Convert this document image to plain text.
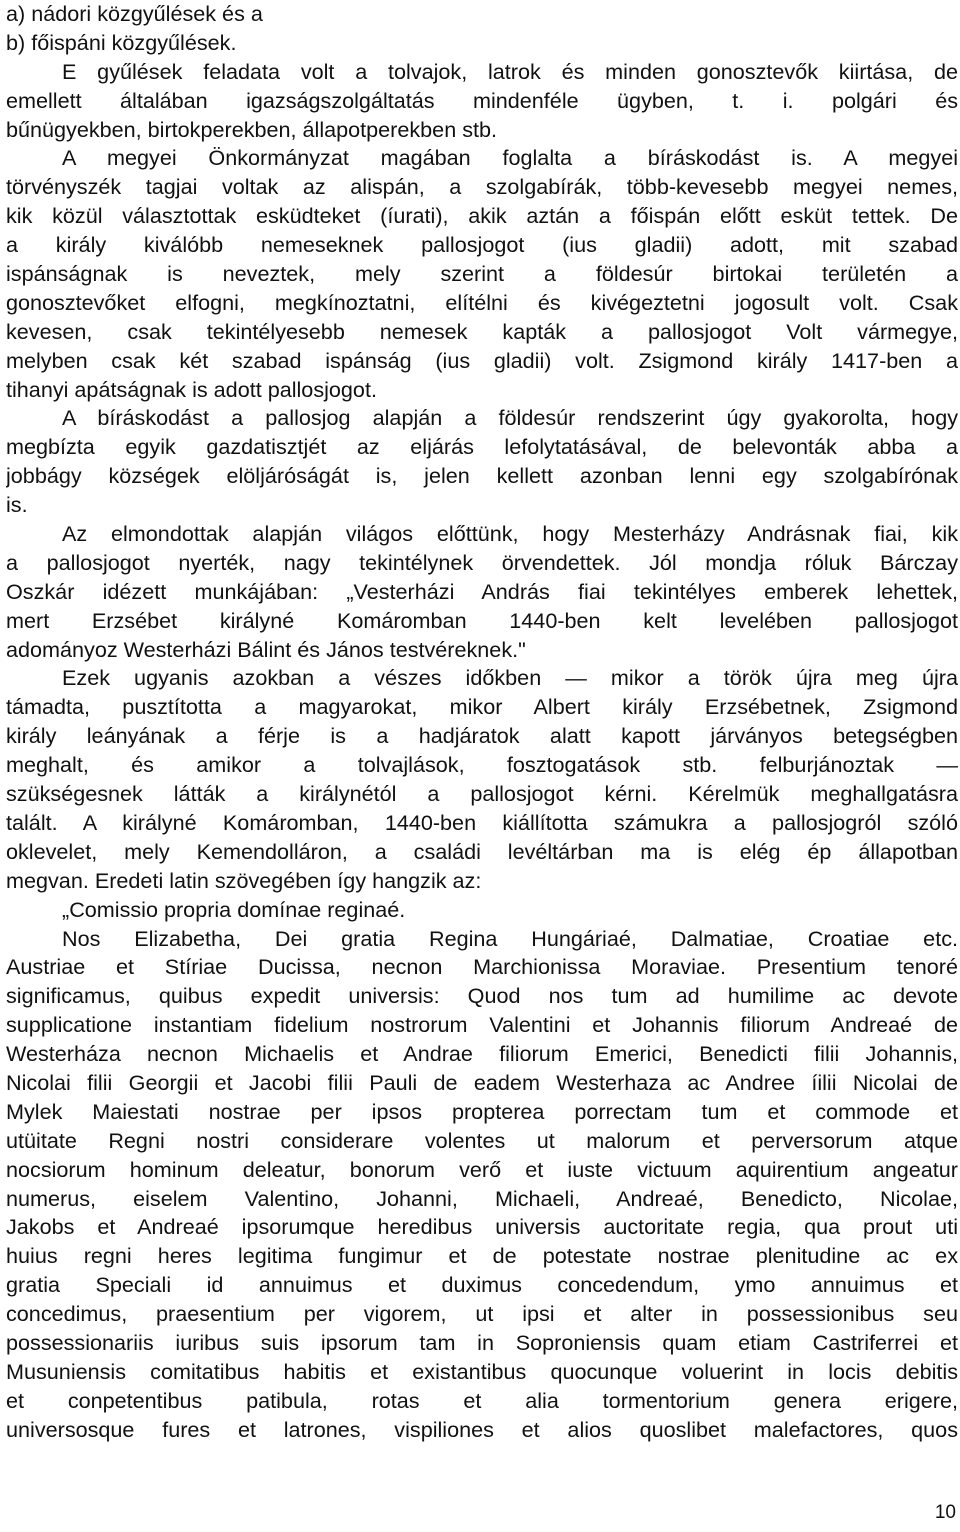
a) nádori közgyűlések és a
b) főispáni közgyűlések.
E gyűlések feladata volt a tolvajok, latrok és minden gonosztevők kiirtása, de
emellett általában igazságszolgáltatás mindenféle ügyben, t. i. polgári és
bűnügyekben, birtokperekben, állapotperekben stb.
A megyei Önkormányzat magában foglalta a bíráskodást is. A megyei
törvényszék tagjai voltak az alispán, a szolgabírák, több-kevesebb megyei nemes,
kik közül választottak esküdteket (íurati), akik aztán a főispán előtt esküt tettek. De
a király kiválóbb nemeseknek pallosjogot (ius gladii) adott, mit szabad
ispánságnak is neveztek, mely szerint a földesúr birtokai területén a
gonosztevőket elfogni, megkínoztatni, elítélni és kivégeztetni jogosult volt. Csak
kevesen, csak tekintélyesebb nemesek kapták a pallosjogot Volt vármegye,
melyben csak két szabad ispánság (ius gladii) volt. Zsigmond király 1417-ben a
tihanyi apátságnak is adott pallosjogot.
A bíráskodást a pallosjog alapján a földesúr rendszerint úgy gyakorolta, hogy
megbízta egyik gazdatisztjét az eljárás lefolytatásával, de belevonták abba a
jobbágy községek elöljáróságát is, jelen kellett azonban lenni egy szolgabírónak
is.
Az elmondottak alapján világos előttünk, hogy Mesterházy Andrásnak fiai, kik
a pallosjogot nyerték, nagy tekintélynek örvendettek. Jól mondja róluk Bárczay
Oszkár idézett munkájában: „Vesterházi András fiai tekintélyes emberek lehettek,
mert Erzsébet királyné Komáromban 1440-ben kelt levelében pallosjogot
adományoz Westerházi Bálint és János testvéreknek."
Ezek ugyanis azokban a vészes időkben — mikor a török újra meg újra
támadta, pusztította a magyarokat, mikor Albert király Erzsébetnek, Zsigmond
király leányának a férje is a hadjáratok alatt kapott járványos betegségben
meghalt, és amikor a tolvajlások, fosztogatások stb. felburjánoztak —
szükségesnek látták a királynétól a pallosjogot kérni. Kérelmük meghallgatásra
talált. A királyné Komáromban, 1440-ben kiállította számukra a pallosjogról szóló
oklevelet, mely Kemendolláron, a családi levéltárban ma is elég ép állapotban
megvan. Eredeti latin szövegében így hangzik az:
„Comissio propria domínae reginaé.
Nos Elizabetha, Dei gratia Regina Hungáriaé, Dalmatiae, Croatiae etc.
Austriae et Stíriae Ducissa, necnon Marchionissa Moraviae. Presentium tenoré
significamus, quibus expedit universis: Quod nos tum ad humilime ac devote
supplicatione instantiam fidelium nostrorum Valentini et Johannis filiorum Andreaé de
Westerháza necnon Michaelis et Andrae filiorum Emerici, Benedicti filii Johannis,
Nicolai filii Georgii et Jacobi filii Pauli de eadem Westerhaza ac Andree íilii Nicolai de
Mylek Maiestati nostrae per ipsos propterea porrectam tum et commode et
utüitate Regni nostri considerare volentes ut malorum et perversorum atque
nocsiorum hominum deleatur, bonorum verő et iuste victuum aquirentium angeatur
numerus, eiselem Valentino, Johanni, Michaeli, Andreaé, Benedicto, Nicolae,
Jakobs et Andreaé ipsorumque heredibus universis auctoritate regia, qua prout uti
huius regni heres legitima fungimur et de potestate nostrae plenitudine ac ex
gratia Speciali id annuimus et duximus concedendum, ymo annuimus et
concedimus, praesentium per vigorem, ut ipsi et alter in possessionibus seu
possessionariis iuribus suis ipsorum tam in Soproniensis quam etiam Castriferrei et
Musuniensis comitatibus habitis et existantibus quocunque voluerint in locis debitis
et conpetentibus patibula, rotas et alia tormentorium genera erigere,
universosque fures et latrones, vispiliones et alios quoslibet malefactores, quos
10
